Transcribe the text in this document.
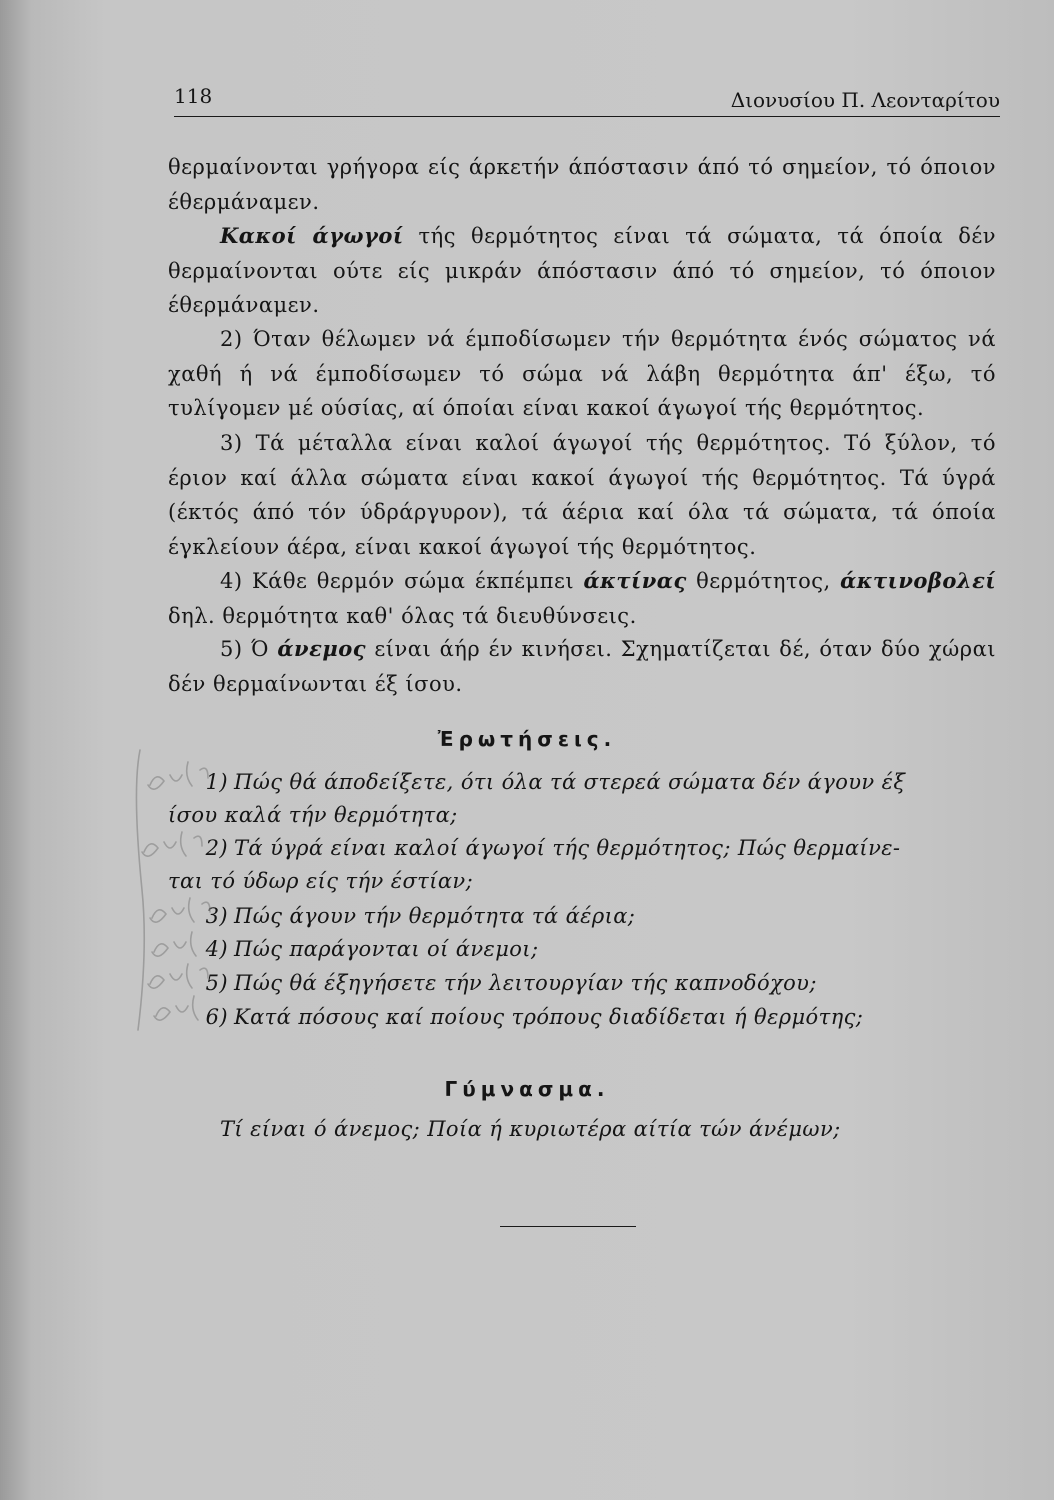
118	Διονυσίου Π. Λεονταρίτου

θερμαίνονται γρήγορα είς άρκετήν άπόστασιν άπό τό σημείον, τό όποιον έθερμάναμεν.

Κακοί άγωγοί τής θερμότητος είναι τά σώματα, τά όποία δέν θερμαίνονται ούτε είς μικράν άπόστασιν άπό τό σημείον, τό όποιον έθερμάναμεν.

2) Όταν θέλωμεν νά έμποδίσωμεν τήν θερμότητα ένός σώματος νά χαθή ή νά έμποδίσωμεν τό σώμα νά λάβη θερμότητα άπ' έξω, τό τυλίγομεν μέ ούσίας, αί όποίαι είναι κακοί άγωγοί τής θερμότητος.

3) Τά μέταλλα είναι καλοί άγωγοί τής θερμότητος. Τό ξύλον, τό έριον καί άλλα σώματα είναι κακοί άγωγοί τής θερμότητος. Τά ύγρά (έκτός άπό τόν ύδράργυρον), τά άέρια καί όλα τά σώματα, τά όποία έγκλείουν άέρα, είναι κακοί άγωγοί τής θερμότητος.

4) Κάθε θερμόν σώμα έκπέμπει άκτίνας θερμότητος, άκτινοβολεί δηλ. θερμότητα καθ' όλας τά διευθύνσεις.

5) Ό άνεμος είναι άήρ έν κινήσει. Σχηματίζεται δέ, όταν δύο χώραι δέν θερμαίνωνται έξ ίσου.

Ἐρωτήσεις.
1) Πώς θά άποδείξετε, ότι όλα τά στερεά σώματα δέν άγουν έξ
ίσου καλά τήν θερμότητα;
2) Τά ύγρά είναι καλοί άγωγοί τής θερμότητος; Πώς θερμαίνε-
ται τό ύδωρ είς τήν έστίαν;
3) Πώς άγουν τήν θερμότητα τά άέρια;
4) Πώς παράγονται οί άνεμοι;
5) Πώς θά έξηγήσετε τήν λειτουργίαν τής καπνοδόχου;
6) Κατά πόσους καί ποίους τρόπους διαδίδεται ή θερμότης;
Γύμνασμα.
Τί είναι ό άνεμος; Ποία ή κυριωτέρα αίτία τών άνέμων;
